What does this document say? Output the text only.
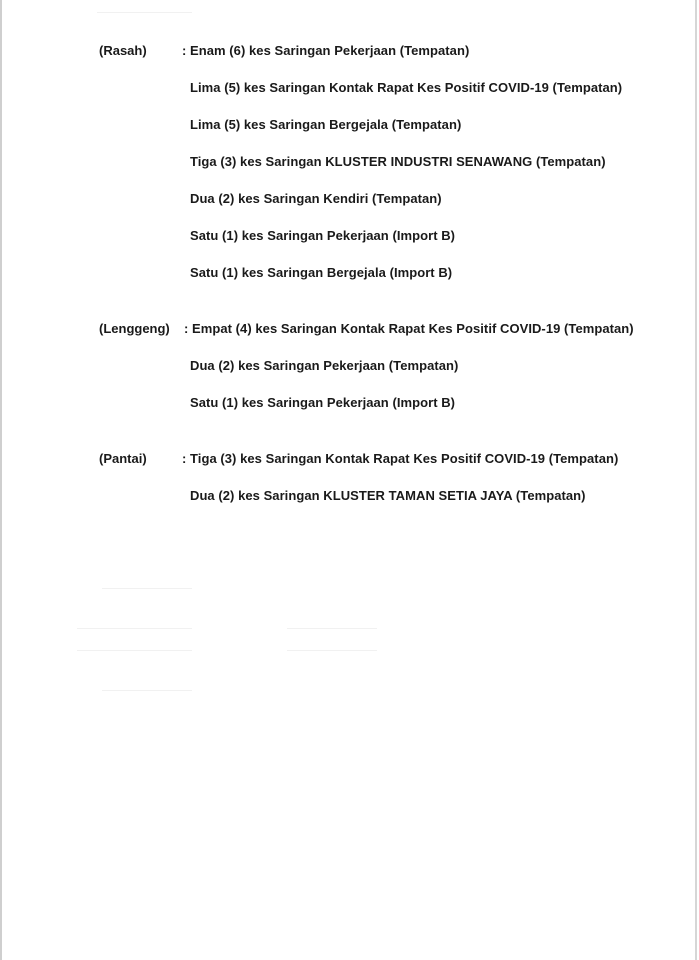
(Rasah)	: Enam (6) kes Saringan Pekerjaan (Tempatan)
Lima (5) kes Saringan Kontak Rapat Kes Positif COVID-19 (Tempatan)
Lima (5) kes Saringan Bergejala (Tempatan)
Tiga (3) kes Saringan KLUSTER INDUSTRI SENAWANG (Tempatan)
Dua (2) kes Saringan Kendiri (Tempatan)
Satu (1) kes Saringan Pekerjaan (Import B)
Satu (1) kes Saringan Bergejala (Import B)
(Lenggeng) : Empat (4) kes Saringan Kontak Rapat Kes Positif COVID-19 (Tempatan)
Dua (2) kes Saringan Pekerjaan (Tempatan)
Satu (1) kes Saringan Pekerjaan (Import B)
(Pantai)	: Tiga (3) kes Saringan Kontak Rapat Kes Positif COVID-19 (Tempatan)
Dua (2) kes Saringan KLUSTER TAMAN SETIA JAYA (Tempatan)
